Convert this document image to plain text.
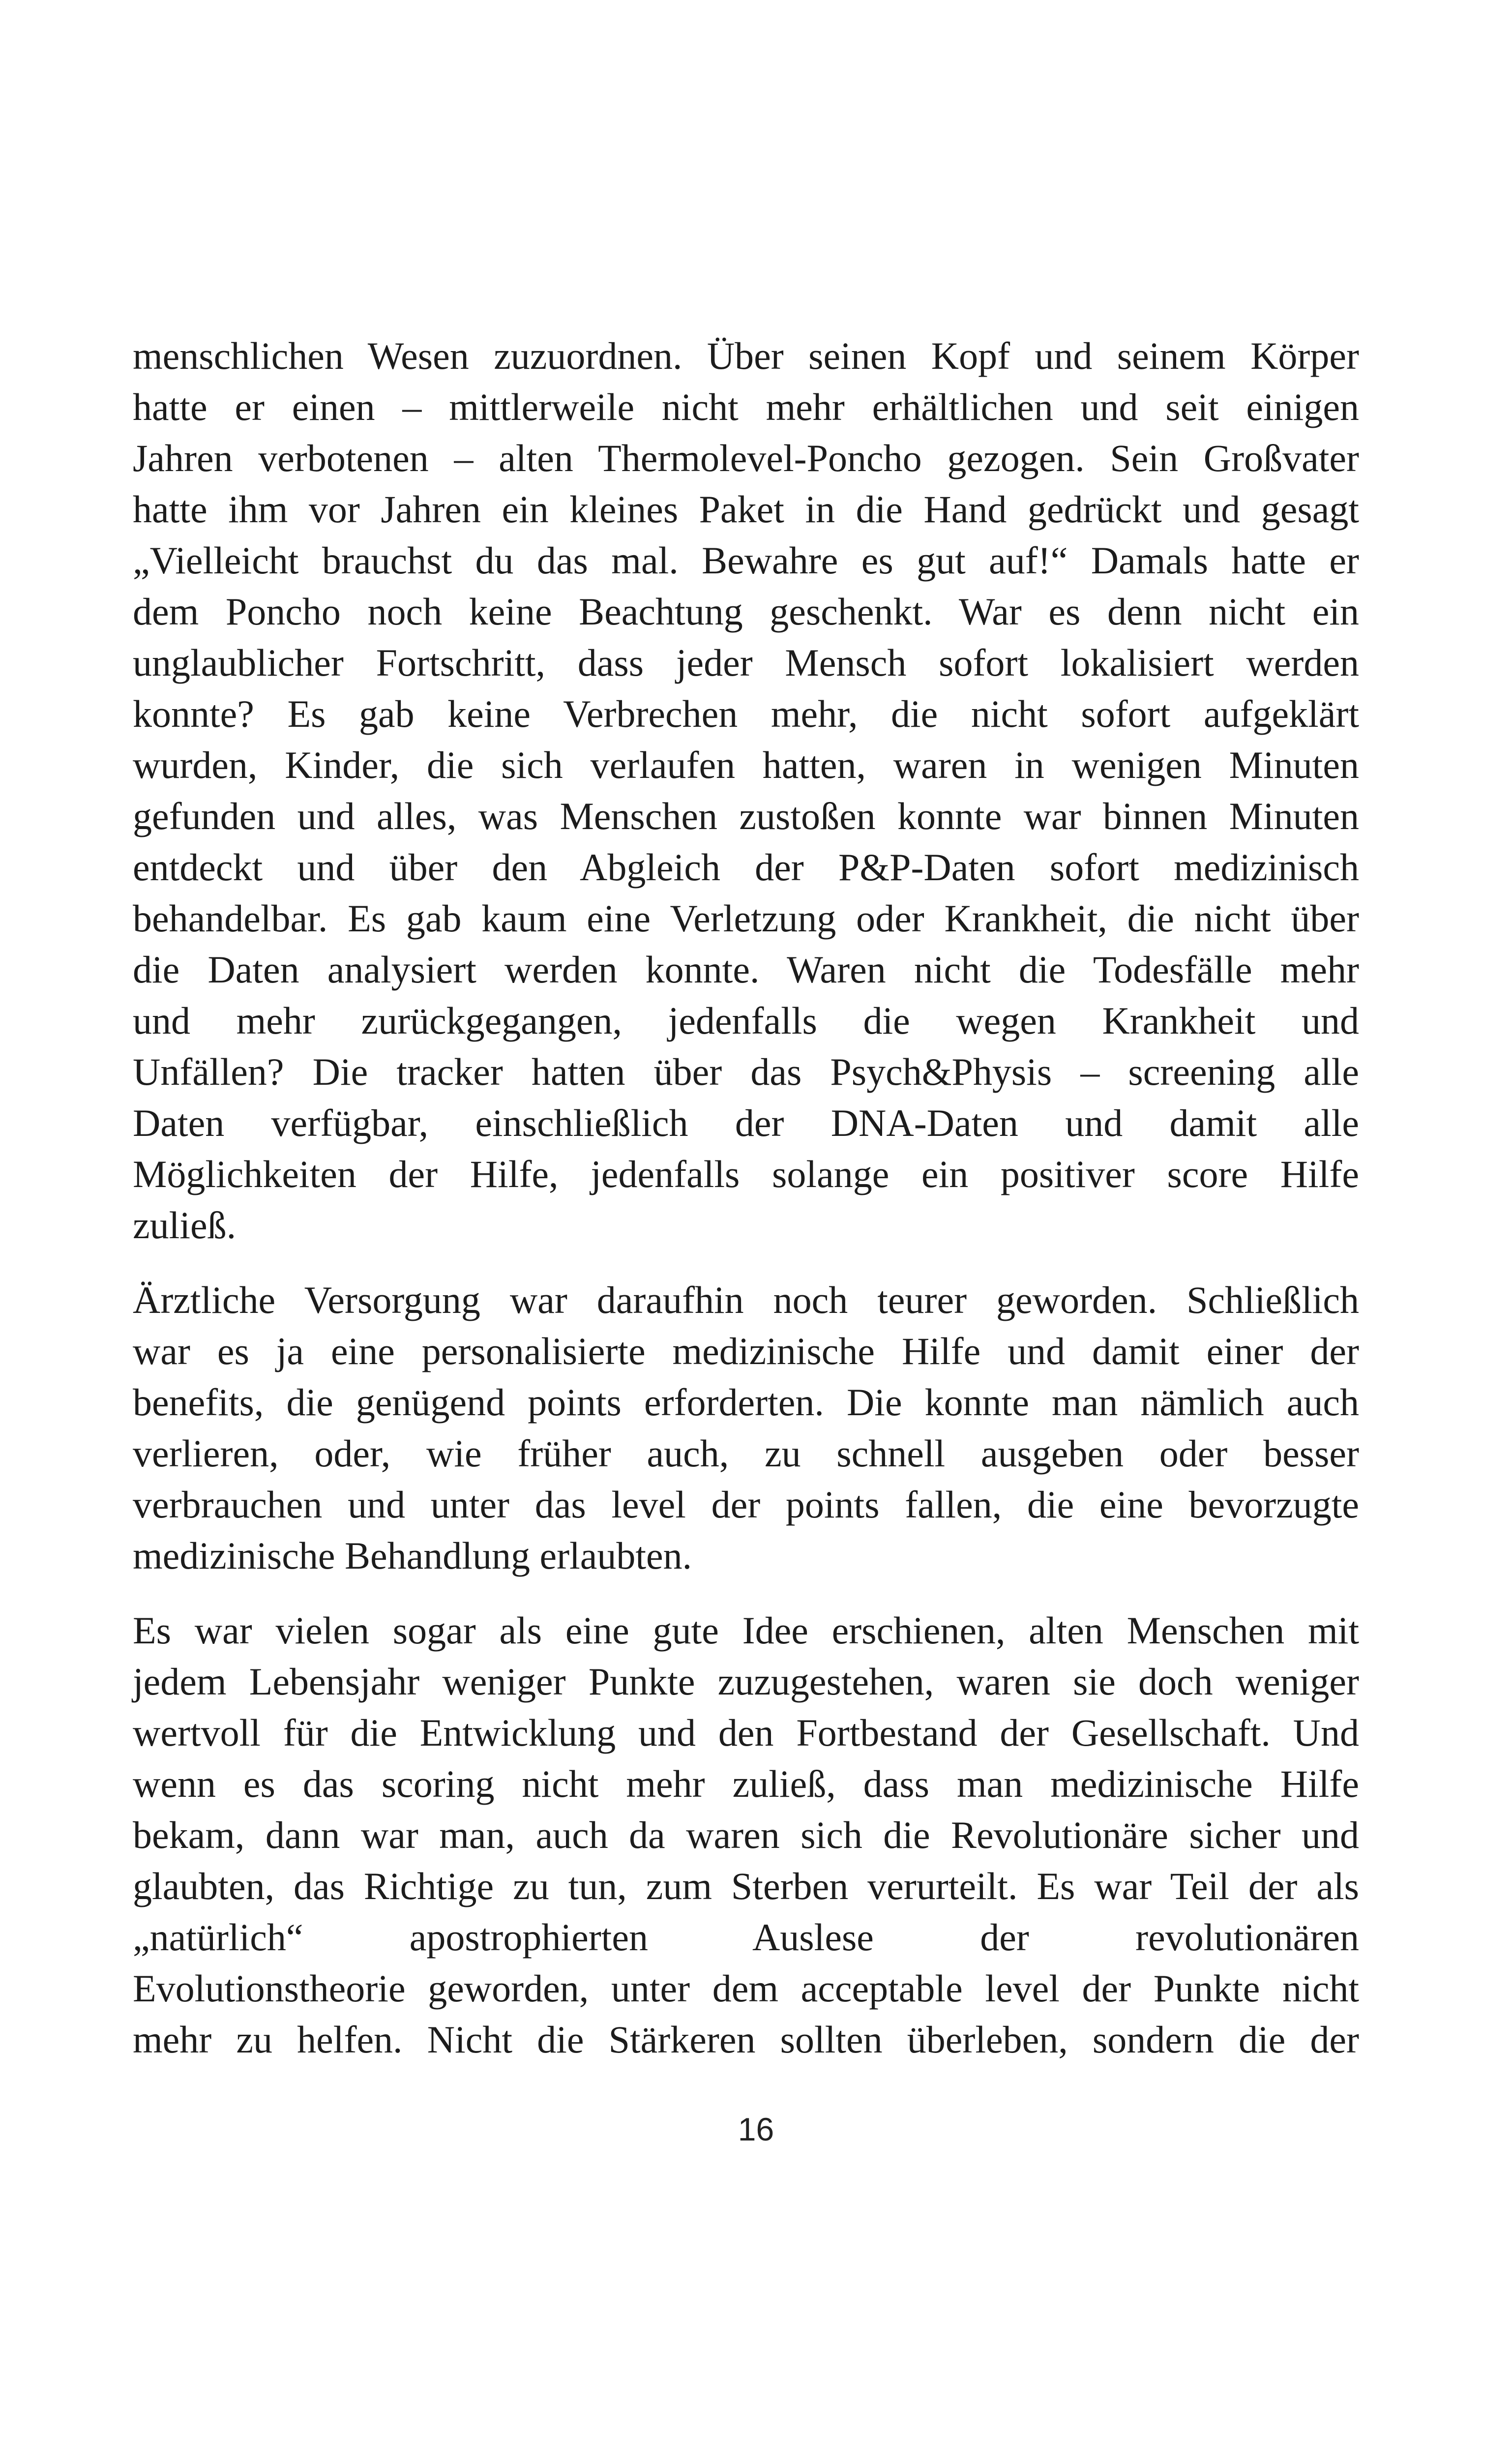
menschlichen Wesen zuzuordnen. Über seinen Kopf und seinem Körper
hatte er einen – mittlerweile nicht mehr erhältlichen und seit einigen
Jahren verbotenen – alten Thermolevel-Poncho gezogen. Sein Großvater
hatte ihm vor Jahren ein kleines Paket in die Hand gedrückt und gesagt
„Vielleicht brauchst du das mal. Bewahre es gut auf!“ Damals hatte er
dem Poncho noch keine Beachtung geschenkt. War es denn nicht ein
unglaublicher Fortschritt, dass jeder Mensch sofort lokalisiert werden
konnte? Es gab keine Verbrechen mehr, die nicht sofort aufgeklärt
wurden, Kinder, die sich verlaufen hatten, waren in wenigen Minuten
gefunden und alles, was Menschen zustoßen konnte war binnen Minuten
entdeckt und über den Abgleich der P&P-Daten sofort medizinisch
behandelbar. Es gab kaum eine Verletzung oder Krankheit, die nicht über
die Daten analysiert werden konnte. Waren nicht die Todesfälle mehr
und mehr zurückgegangen, jedenfalls die wegen Krankheit und
Unfällen? Die tracker hatten über das Psych&Physis – screening alle
Daten verfügbar, einschließlich der DNA-Daten und damit alle
Möglichkeiten der Hilfe, jedenfalls solange ein positiver score Hilfe
zuließ.

Ärztliche Versorgung war daraufhin noch teurer geworden. Schließlich
war es ja eine personalisierte medizinische Hilfe und damit einer der
benefits, die genügend points erforderten. Die konnte man nämlich auch
verlieren, oder, wie früher auch, zu schnell ausgeben oder besser
verbrauchen und unter das level der points fallen, die eine bevorzugte
medizinische Behandlung erlaubten.

Es war vielen sogar als eine gute Idee erschienen, alten Menschen mit
jedem Lebensjahr weniger Punkte zuzugestehen, waren sie doch weniger
wertvoll für die Entwicklung und den Fortbestand der Gesellschaft. Und
wenn es das scoring nicht mehr zuließ, dass man medizinische Hilfe
bekam, dann war man, auch da waren sich die Revolutionäre sicher und
glaubten, das Richtige zu tun, zum Sterben verurteilt. Es war Teil der als
„natürlich“ apostrophierten Auslese der revolutionären
Evolutionstheorie geworden, unter dem acceptable level der Punkte nicht
mehr zu helfen. Nicht die Stärkeren sollten überleben, sondern die der

16
